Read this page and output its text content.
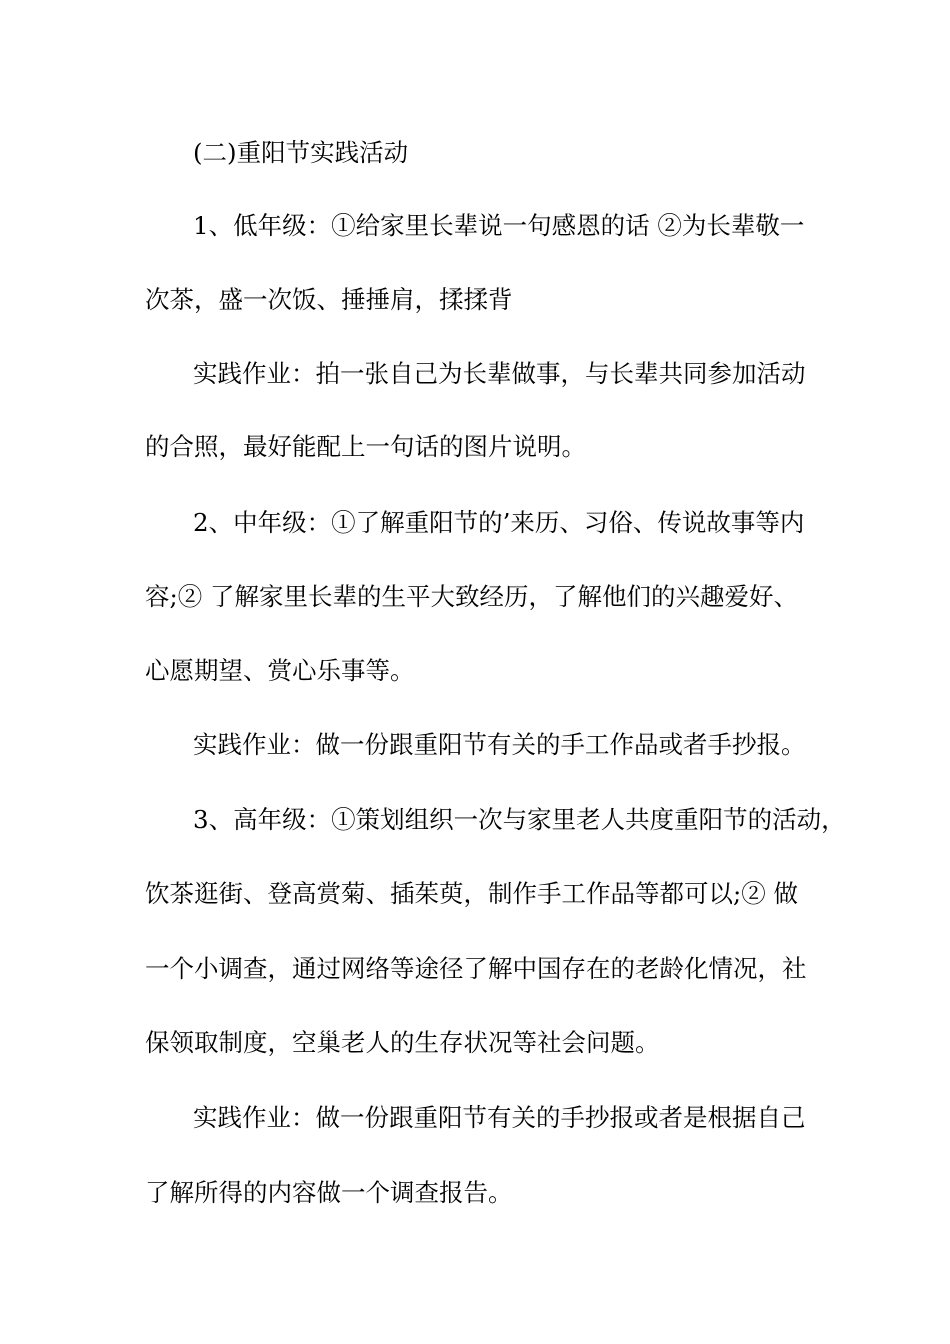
(二)重阳节实践活动
1、低年级：①给家里长辈说一句感恩的话 ②为长辈敬一
次茶，盛一次饭、捶捶肩，揉揉背
实践作业：拍一张自己为长辈做事，与长辈共同参加活动
的合照，最好能配上一句话的图片说明。
2、中年级：①了解重阳节的’来历、习俗、传说故事等内
容;② 了解家里长辈的生平大致经历，了解他们的兴趣爱好、
心愿期望、赏心乐事等。
实践作业：做一份跟重阳节有关的手工作品或者手抄报。
3、高年级：①策划组织一次与家里老人共度重阳节的活动，
饮茶逛街、登高赏菊、插茱萸，制作手工作品等都可以;② 做
一个小调查，通过网络等途径了解中国存在的老龄化情况，社
保领取制度，空巢老人的生存状况等社会问题。
实践作业：做一份跟重阳节有关的手抄报或者是根据自己
了解所得的内容做一个调查报告。
